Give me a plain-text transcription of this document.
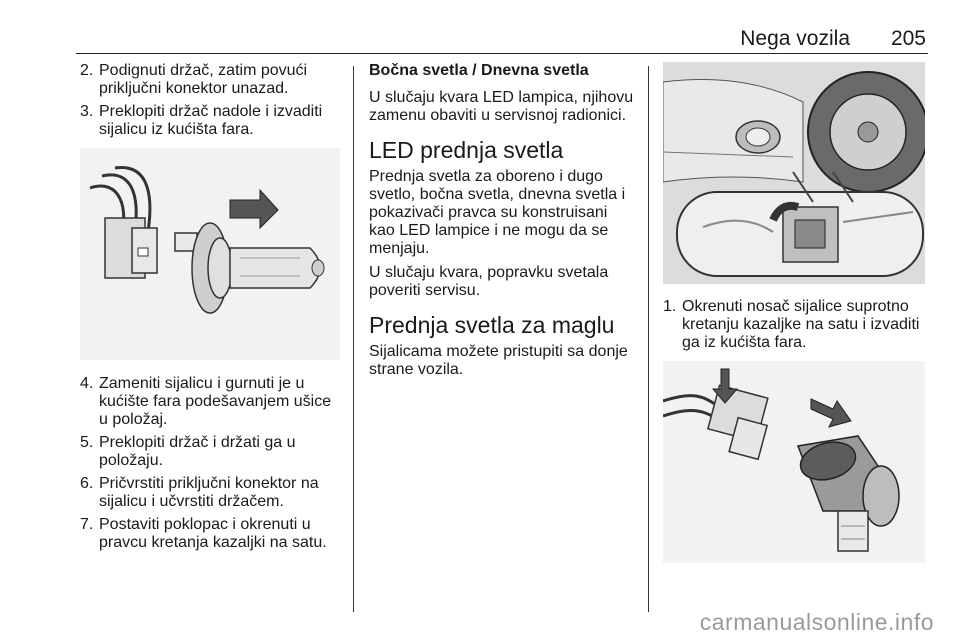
Nega vozila 205
2. Podignuti držač, zatim povući priključni konektor unazad.
3. Preklopiti držač nadole i izvaditi sijalicu iz kućišta fara.
4. Zameniti sijalicu i gurnuti je u kućište fara podešavanjem ušice u položaj.
5. Preklopiti držač i držati ga u položaju.
6. Pričvrstiti priključni konektor na sijalicu i učvrstiti držačem.
7. Postaviti poklopac i okrenuti u pravcu kretanja kazaljki na satu.
Bočna svetla / Dnevna svetla
U slučaju kvara LED lampica, njihovu zamenu obaviti u servisnoj radionici.
LED prednja svetla
Prednja svetla za oboreno i dugo svetlo, bočna svetla, dnevna svetla i pokazivači pravca su konstruisani kao LED lampice i ne mogu da se menjaju.
U slučaju kvara, popravku svetala poveriti servisu.
Prednja svetla za maglu
Sijalicama možete pristupiti sa donje strane vozila.
1. Okrenuti nosač sijalice suprotno kretanju kazaljke na satu i izvaditi ga iz kućišta fara.
carmanualsonline.info
